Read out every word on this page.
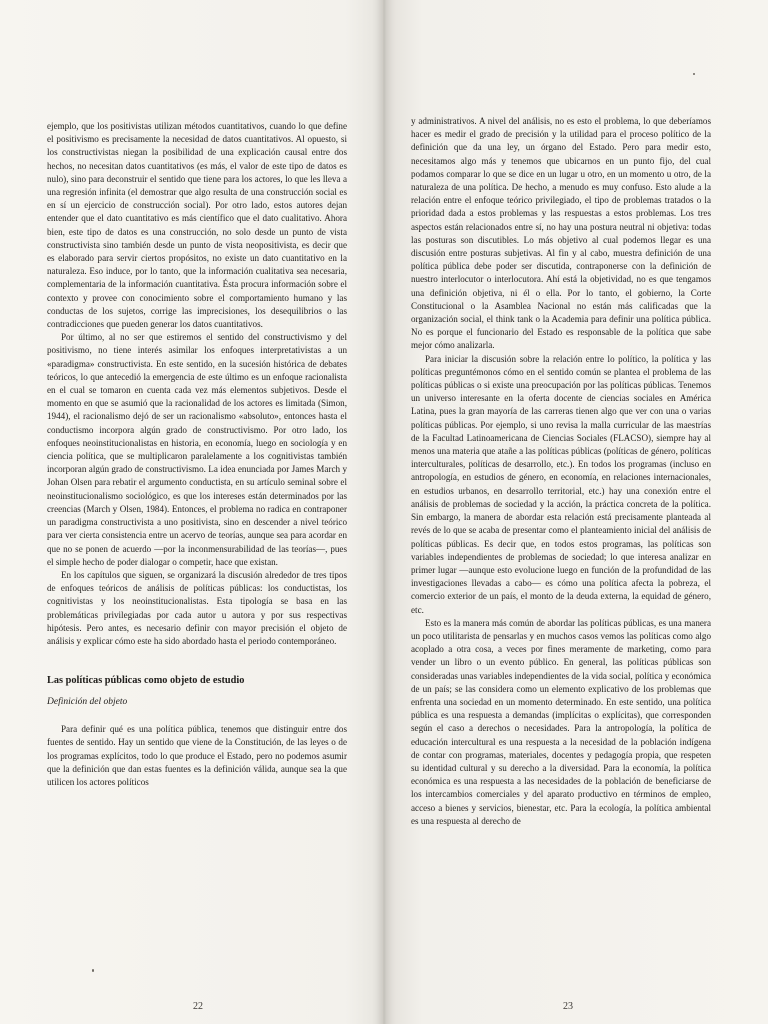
ejemplo, que los positivistas utilizan métodos cuantitativos, cuando lo que define el positivismo es precisamente la necesidad de datos cuantitativos. Al opuesto, si los constructivistas niegan la posibilidad de una explicación causal entre dos hechos, no necesitan datos cuantitativos (es más, el valor de este tipo de datos es nulo), sino para deconstruir el sentido que tiene para los actores, lo que les lleva a una regresión infinita (el demostrar que algo resulta de una construcción social es en sí un ejercicio de construcción social). Por otro lado, estos autores dejan entender que el dato cuantitativo es más científico que el dato cualitativo. Ahora bien, este tipo de datos es una construcción, no solo desde un punto de vista constructivista sino también desde un punto de vista neopositivista, es decir que es elaborado para servir ciertos propósitos, no existe un dato cuantitativo en la naturaleza. Eso induce, por lo tanto, que la información cualitativa sea necesaria, complementaria de la información cuantitativa. Ésta procura información sobre el contexto y provee con conocimiento sobre el comportamiento humano y las conductas de los sujetos, corrige las imprecisiones, los desequilibrios o las contradicciones que pueden generar los datos cuantitativos.

Por último, al no ser que estiremos el sentido del constructivismo y del positivismo, no tiene interés asimilar los enfoques interpretativistas a un «paradigma» constructivista. En este sentido, en la sucesión histórica de debates teóricos, lo que antecedió la emergencia de este último es un enfoque racionalista en el cual se tomaron en cuenta cada vez más elementos subjetivos. Desde el momento en que se asumió que la racionalidad de los actores es limitada (Simon, 1944), el racionalismo dejó de ser un racionalismo «absoluto», entonces hasta el conductismo incorpora algún grado de constructivismo. Por otro lado, los enfoques neoinstitucionalistas en historia, en economía, luego en sociología y en ciencia política, que se multiplicaron paralelamente a los cognitivistas también incorporan algún grado de constructivismo. La idea enunciada por James March y Johan Olsen para rebatir el argumento conductista, en su artículo seminal sobre el neoinstitucionalismo sociológico, es que los intereses están determinados por las creencias (March y Olsen, 1984). Entonces, el problema no radica en contraponer un paradigma constructivista a uno positivista, sino en descender a nivel teórico para ver cierta consistencia entre un acervo de teorías, aunque sea para acordar en que no se ponen de acuerdo —por la inconmensurabilidad de las teorías—, pues el simple hecho de poder dialogar o competir, hace que existan.

En los capítulos que siguen, se organizará la discusión alrededor de tres tipos de enfoques teóricos de análisis de políticas públicas: los conductistas, los cognitivistas y los neoinstitucionalistas. Esta tipología se basa en las problemáticas privilegiadas por cada autor u autora y por sus respectivas hipótesis. Pero antes, es necesario definir con mayor precisión el objeto de análisis y explicar cómo este ha sido abordado hasta el periodo contemporáneo.

Las políticas públicas como objeto de estudio
Definición del objeto

Para definir qué es una política pública, tenemos que distinguir entre dos fuentes de sentido. Hay un sentido que viene de la Constitución, de las leyes o de los programas explícitos, todo lo que produce el Estado, pero no podemos asumir que la definición que dan estas fuentes es la definición válida, aunque sea la que utilicen los actores políticos

22

y administrativos. A nivel del análisis, no es esto el problema, lo que deberíamos hacer es medir el grado de precisión y la utilidad para el proceso político de la definición que da una ley, un órgano del Estado. Pero para medir esto, necesitamos algo más y tenemos que ubicarnos en un punto fijo, del cual podamos comparar lo que se dice en un lugar u otro, en un momento u otro, de la naturaleza de una política. De hecho, a menudo es muy confuso. Esto alude a la relación entre el enfoque teórico privilegiado, el tipo de problemas tratados o la prioridad dada a estos problemas y las respuestas a estos problemas. Los tres aspectos están relacionados entre sí, no hay una postura neutral ni objetiva: todas las posturas son discutibles. Lo más objetivo al cual podemos llegar es una discusión entre posturas subjetivas. Al fin y al cabo, muestra definición de una política pública debe poder ser discutida, contraponerse con la definición de nuestro interlocutor o interlocutora. Ahí está la objetividad, no es que tengamos una definición objetiva, ni él o ella. Por lo tanto, el gobierno, la Corte Constitucional o la Asamblea Nacional no están más calificadas que la organización social, el think tank o la Academia para definir una política pública. No es porque el funcionario del Estado es responsable de la política que sabe mejor cómo analizarla.

Para iniciar la discusión sobre la relación entre lo político, la política y las políticas preguntémonos cómo en el sentido común se plantea el problema de las políticas públicas o si existe una preocupación por las políticas públicas. Tenemos un universo interesante en la oferta docente de ciencias sociales en América Latina, pues la gran mayoría de las carreras tienen algo que ver con una o varias políticas públicas. Por ejemplo, si uno revisa la malla curricular de las maestrías de la Facultad Latinoamericana de Ciencias Sociales (FLACSO), siempre hay al menos una materia que atañe a las políticas públicas (políticas de género, políticas interculturales, políticas de desarrollo, etc.). En todos los programas (incluso en antropología, en estudios de género, en economía, en relaciones internacionales, en estudios urbanos, en desarrollo territorial, etc.) hay una conexión entre el análisis de problemas de sociedad y la acción, la práctica concreta de la política. Sin embargo, la manera de abordar esta relación está precisamente planteada al revés de lo que se acaba de presentar como el planteamiento inicial del análisis de políticas públicas. Es decir que, en todos estos programas, las políticas son variables independientes de problemas de sociedad; lo que interesa analizar en primer lugar —aunque esto evolucione luego en función de la profundidad de las investigaciones llevadas a cabo— es cómo una política afecta la pobreza, el comercio exterior de un país, el monto de la deuda externa, la equidad de género, etc.

Esto es la manera más común de abordar las políticas públicas, es una manera un poco utilitarista de pensarlas y en muchos casos vemos las políticas como algo acoplado a otra cosa, a veces por fines meramente de marketing, como para vender un libro o un evento público. En general, las políticas públicas son consideradas unas variables independientes de la vida social, política y económica de un país; se las considera como un elemento explicativo de los problemas que enfrenta una sociedad en un momento determinado. En este sentido, una política pública es una respuesta a demandas (implícitas o explícitas), que corresponden según el caso a derechos o necesidades. Para la antropología, la política de educación intercultural es una respuesta a la necesidad de la población indígena de contar con programas, materiales, docentes y pedagogía propia, que respeten su identidad cultural y su derecho a la diversidad. Para la economía, la política económica es una respuesta a las necesidades de la población de beneficiarse de los intercambios comerciales y del aparato productivo en términos de empleo, acceso a bienes y servicios, bienestar, etc. Para la ecología, la política ambiental es una respuesta al derecho de

23
